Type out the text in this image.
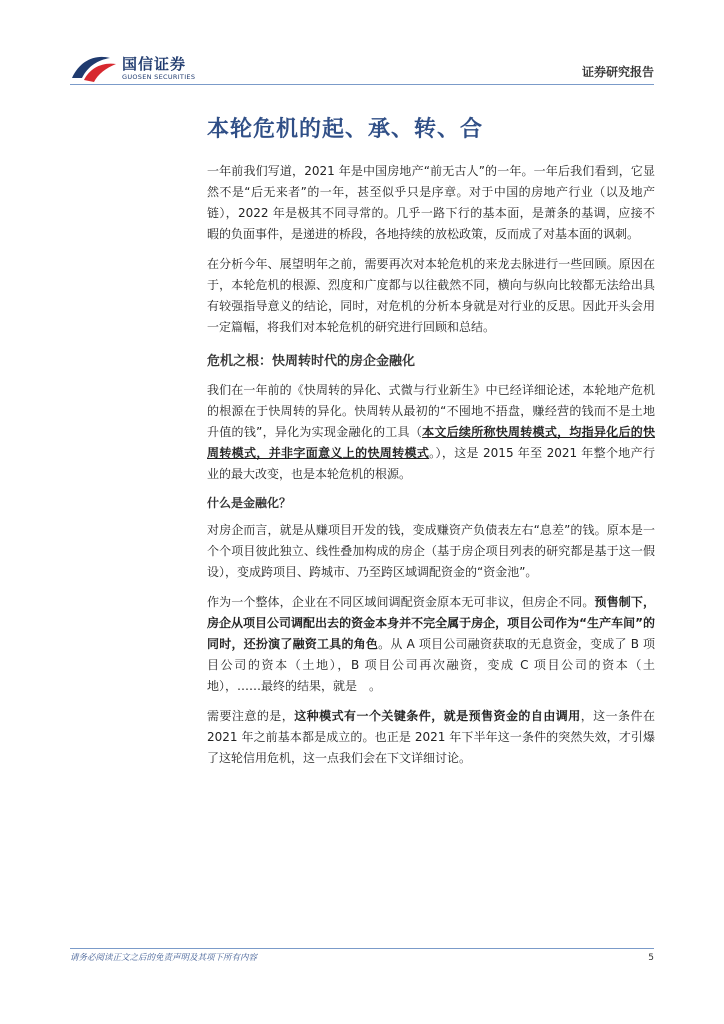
国信证券
GUOSEN SECURITIES	证券研究报告
本轮危机的起、承、转、合

一年前我们写道，2021 年是中国房地产“前无古人”的一年。一年后我们看到，它显然不是“后无来者”的一年，甚至似乎只是序章。对于中国的房地产行业（以及地产链），2022 年是极其不同寻常的。几乎一路下行的基本面，是萧条的基调，应接不暇的负面事件，是递进的桥段，各地持续的放松政策，反而成了对基本面的讽刺。

在分析今年、展望明年之前，需要再次对本轮危机的来龙去脉进行一些回顾。原因在于，本轮危机的根源、烈度和广度都与以往截然不同，横向与纵向比较都无法给出具有较强指导意义的结论，同时，对危机的分析本身就是对行业的反思。因此开头会用一定篇幅，将我们对本轮危机的研究进行回顾和总结。

危机之根：快周转时代的房企金融化

我们在一年前的《快周转的异化、式微与行业新生》中已经详细论述，本轮地产危机的根源在于快周转的异化。快周转从最初的“不囤地不捂盘，赚经营的钱而不是土地升值的钱”，异化为实现金融化的工具（本文后续所称快周转模式，均指异化后的快周转模式，并非字面意义上的快周转模式。），这是 2015 年至 2021 年整个地产行业的最大改变，也是本轮危机的根源。

什么是金融化？

对房企而言，就是从赚项目开发的钱，变成赚资产负债表左右“息差”的钱。原本是一个个项目彼此独立、线性叠加构成的房企（基于房企项目列表的研究都是基于这一假设），变成跨项目、跨城市、乃至跨区域调配资金的“资金池”。

作为一个整体，企业在不同区域间调配资金原本无可非议，但房企不同。预售制下，房企从项目公司调配出去的资金本身并不完全属于房企，项目公司作为“生产车间”的同时，还扮演了融资工具的角色。从 A 项目公司融资获取的无息资金，变成了 B 项目公司的资本（土地），B 项目公司再次融资，变成 C 项目公司的资本（土地），……最终的结果，就是　。

需要注意的是，这种模式有一个关键条件，就是预售资金的自由调用，这一条件在 2021 年之前基本都是成立的。也正是 2021 年下半年这一条件的突然失效，才引爆了这轮信用危机，这一点我们会在下文详细讨论。

请务必阅读正文之后的免责声明及其项下所有内容	5
